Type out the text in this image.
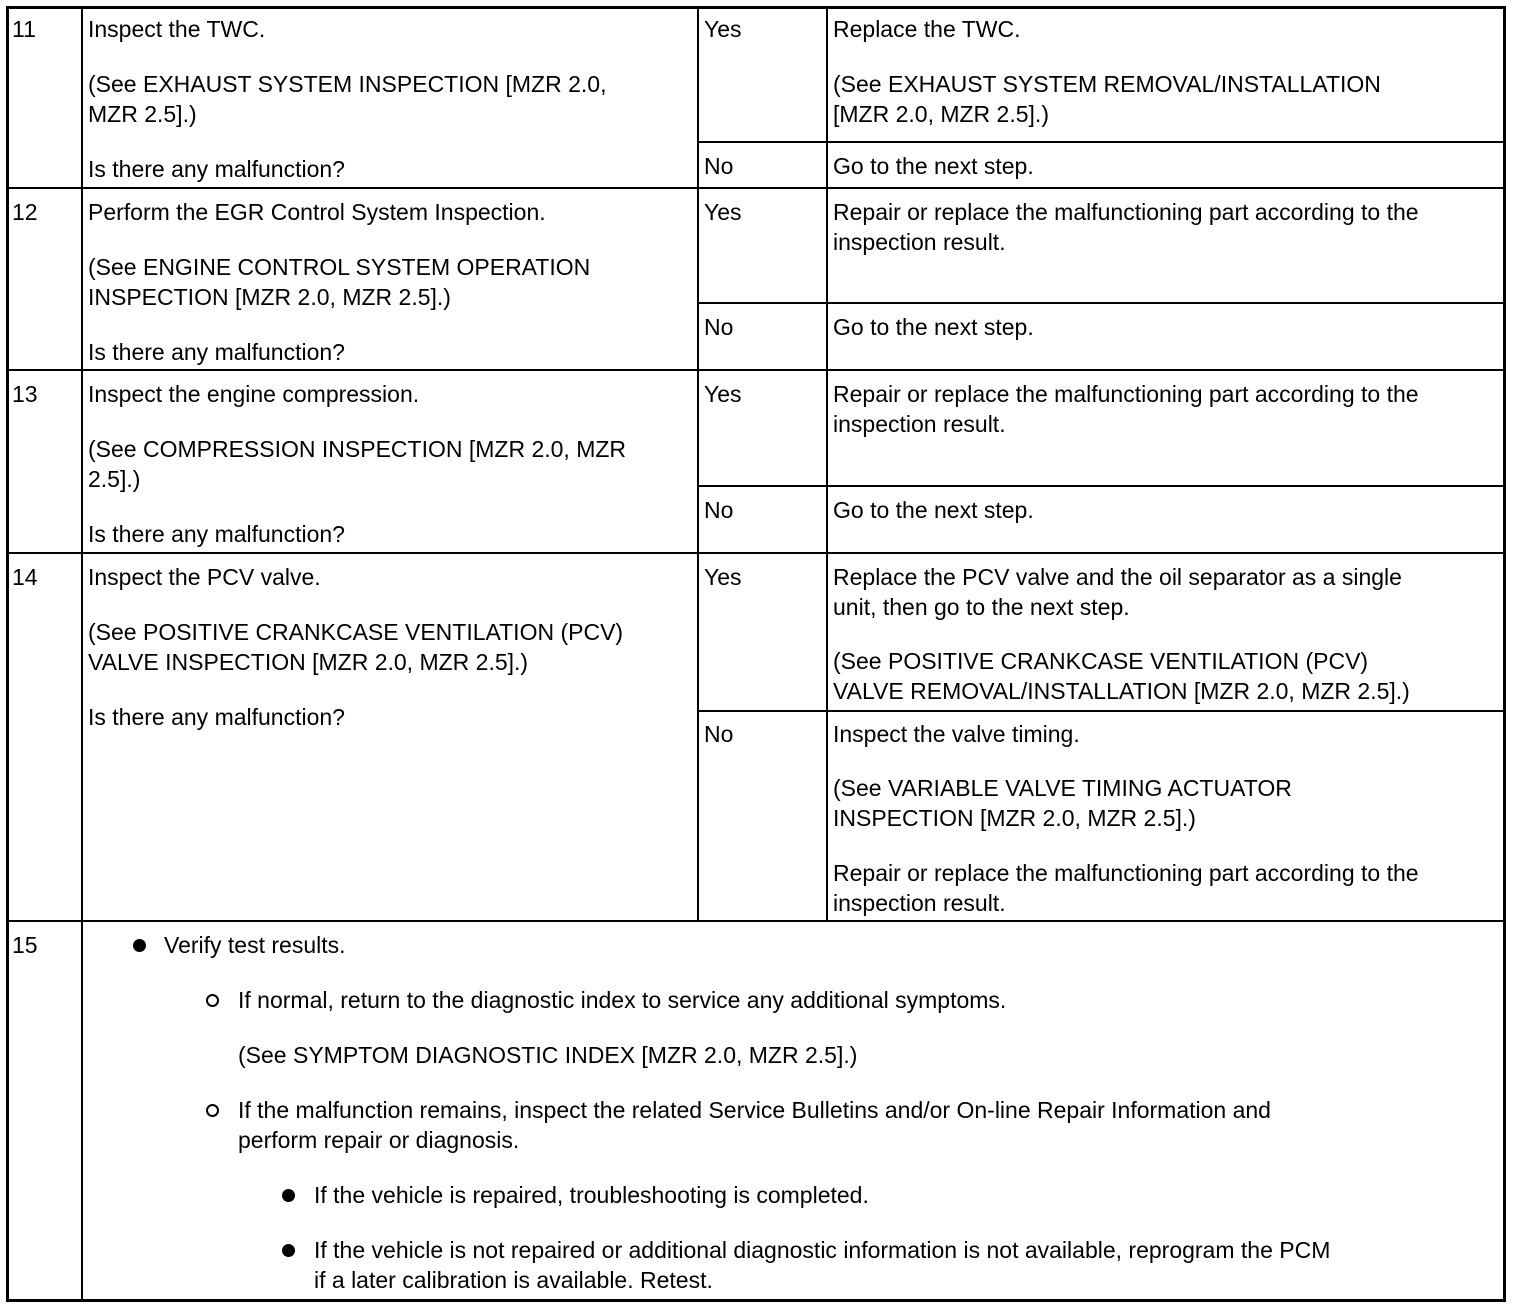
11 Inspect the TWC.
(See EXHAUST SYSTEM INSPECTION [MZR 2.0,
MZR 2.5].)
Is there any malfunction?
Yes	Replace the TWC.
(See EXHAUST SYSTEM REMOVAL/INSTALLATION
[MZR 2.0, MZR 2.5].)
No	Go to the next step.
12 Perform the EGR Control System Inspection.
(See ENGINE CONTROL SYSTEM OPERATION
INSPECTION [MZR 2.0, MZR 2.5].)
Is there any malfunction?
Yes	Repair or replace the malfunctioning part according to the
inspection result.
No	Go to the next step.
13 Inspect the engine compression.
(See COMPRESSION INSPECTION [MZR 2.0, MZR
2.5].)
Is there any malfunction?
Yes	Repair or replace the malfunctioning part according to the
inspection result.
No	Go to the next step.
14 Inspect the PCV valve.
(See POSITIVE CRANKCASE VENTILATION (PCV)
VALVE INSPECTION [MZR 2.0, MZR 2.5].)
Is there any malfunction?
Yes	Replace the PCV valve and the oil separator as a single
unit, then go to the next step.
(See POSITIVE CRANKCASE VENTILATION (PCV)
VALVE REMOVAL/INSTALLATION [MZR 2.0, MZR 2.5].)
No	Inspect the valve timing.
(See VARIABLE VALVE TIMING ACTUATOR
INSPECTION [MZR 2.0, MZR 2.5].)
Repair or replace the malfunctioning part according to the
inspection result.
15	Verify test results.
If normal, return to the diagnostic index to service any additional symptoms.
(See SYMPTOM DIAGNOSTIC INDEX [MZR 2.0, MZR 2.5].)
If the malfunction remains, inspect the related Service Bulletins and/or On-line Repair Information and
perform repair or diagnosis.
If the vehicle is repaired, troubleshooting is completed.
If the vehicle is not repaired or additional diagnostic information is not available, reprogram the PCM
if a later calibration is available. Retest.
